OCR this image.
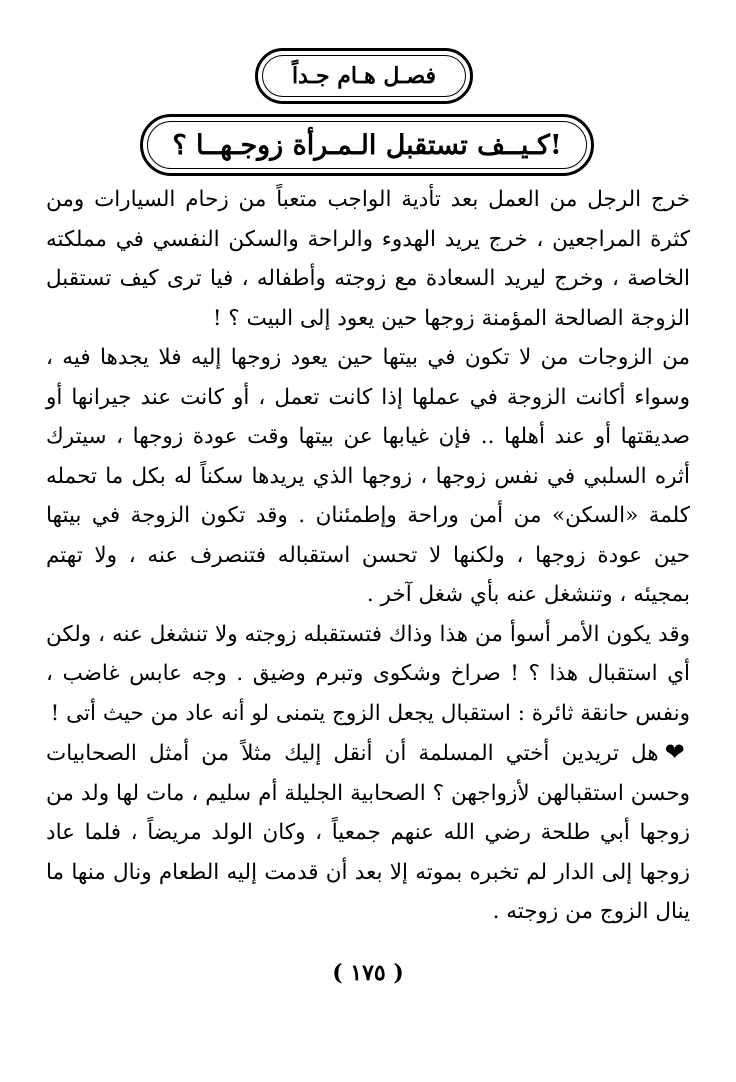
فصـل هـام جـداً
كـيــف تستقبل الـمـرأة زوجـهــا ؟!

خرج الرجل من العمل بعد تأدية الواجب متعباً من زحام السيارات ومن كثرة المراجعين ، خرج يريد الهدوء والراحة والسكن النفسي في مملكته الخاصة ، وخرج ليريد السعادة مع زوجته وأطفاله ، فيا ترى كيف تستقبل الزوجة الصالحة المؤمنة زوجها حين يعود إلى البيت ؟ !

من الزوجات من لا تكون في بيتها حين يعود زوجها إليه فلا يجدها فيه ، وسواء أكانت الزوجة في عملها إذا كانت تعمل ، أو كانت عند جيرانها أو صديقتها أو عند أهلها .. فإن غيابها عن بيتها وقت عودة زوجها ، سيترك أثره السلبي في نفس زوجها ، زوجها الذي يريدها سكناً له بكل ما تحمله كلمة «السكن» من أمن وراحة وإطمئنان . وقد تكون الزوجة في بيتها حين عودة زوجها ، ولكنها لا تحسن استقباله فتنصرف عنه ، ولا تهتم بمجيئه ، وتنشغل عنه بأي شغل آخر .

وقد يكون الأمر أسوأ من هذا وذاك فتستقبله زوجته ولا تنشغل عنه ، ولكن أي استقبال هذا ؟ ! صراخ وشكوى وتبرم وضيق . وجه عابس غاضب ، ونفس حانقة ثائرة : استقبال يجعل الزوج يتمنى لو أنه عاد من حيث أتى !

❤هل تريدين أختي المسلمة أن أنقل إليك مثلاً من أمثل الصحابيات وحسن استقبالهن لأزواجهن ؟ الصحابية الجليلة أم سليم ، مات لها ولد من زوجها أبي طلحة رضي الله عنهم جمعياً ، وكان الولد مريضاً ، فلما عاد زوجها إلى الدار لم تخبره بموته إلا بعد أن قدمت إليه الطعام ونال منها ما ينال الزوج من زوجته .

( ١٧٥ )
